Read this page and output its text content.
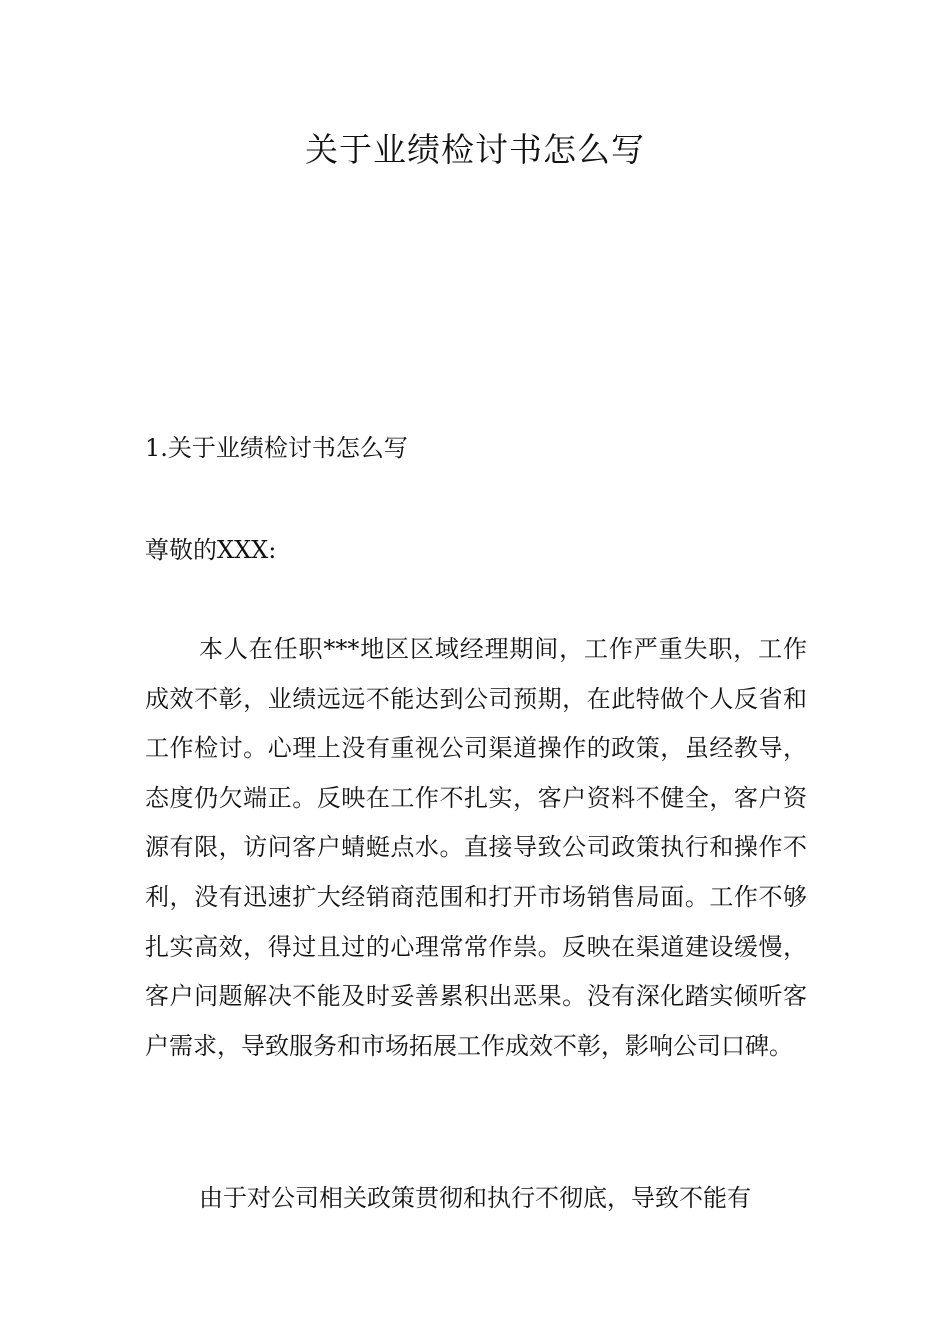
关于业绩检讨书怎么写
1.关于业绩检讨书怎么写

尊敬的XXX:

本人在任职***地区区域经理期间，工作严重失职，工作成效不彰，业绩远远不能达到公司预期，在此特做个人反省和工作检讨。心理上没有重视公司渠道操作的政策，虽经教导，态度仍欠端正。反映在工作不扎实，客户资料不健全，客户资源有限，访问客户蜻蜓点水。直接导致公司政策执行和操作不利，没有迅速扩大经销商范围和打开市场销售局面。工作不够扎实高效，得过且过的心理常常作祟。反映在渠道建设缓慢，客户问题解决不能及时妥善累积出恶果。没有深化踏实倾听客户需求，导致服务和市场拓展工作成效不彰，影响公司口碑。

由于对公司相关政策贯彻和执行不彻底，导致不能有
